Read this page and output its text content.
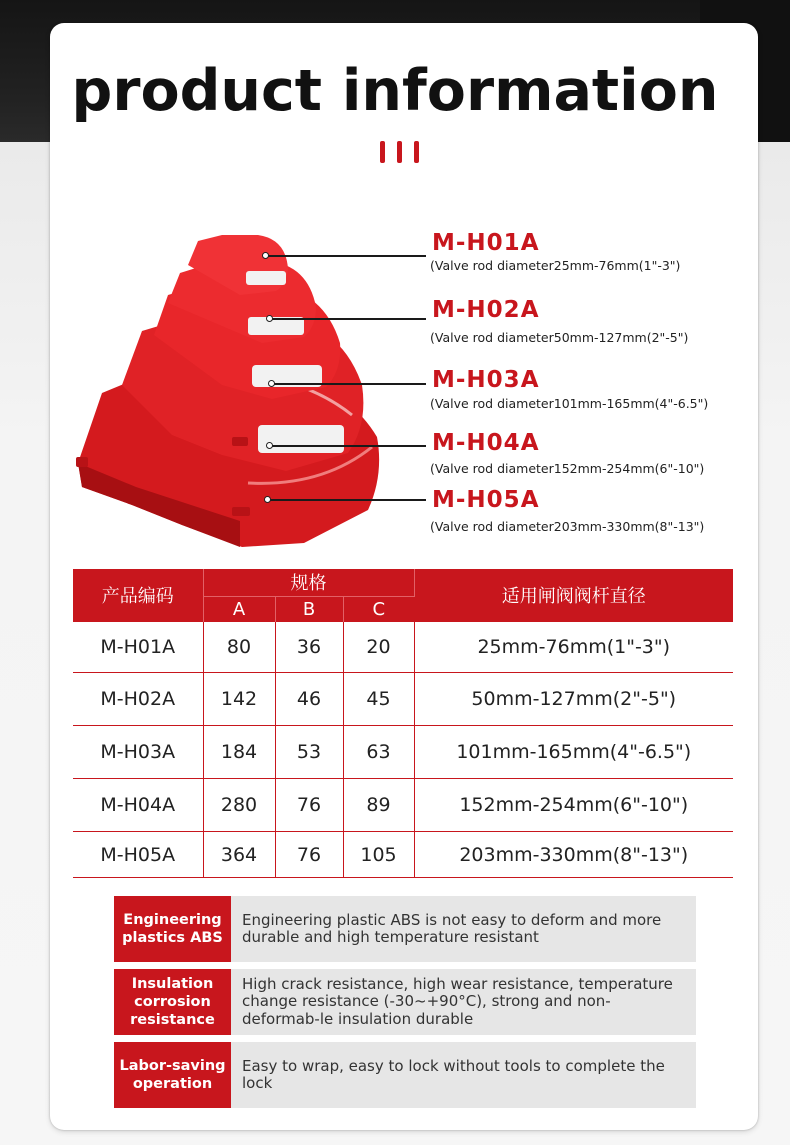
product information
M-H01A
(Valve rod diameter25mm-76mm(1"-3")
M-H02A
(Valve rod diameter50mm-127mm(2"-5")
M-H03A
(Valve rod diameter101mm-165mm(4"-6.5")
M-H04A
(Valve rod diameter152mm-254mm(6"-10")
M-H05A
(Valve rod diameter203mm-330mm(8"-13")
产品编码	规格			适用闸阀阀杆直径
	A	B	C	
M-H01A	80	36	20	25mm-76mm(1"-3")
M-H02A	142	46	45	50mm-127mm(2"-5")
M-H03A	184	53	63	101mm-165mm(4"-6.5")
M-H04A	280	76	89	152mm-254mm(6"-10")
M-H05A	364	76	105	203mm-330mm(8"-13")
Engineering plastics ABS
Engineering plastic ABS is not easy to deform and more durable and high temperature resistant
Insulation corrosion resistance
High crack resistance, high wear resistance, temperature change resistance (-30~+90°C), strong and non-deformab-le insulation durable
Labor-saving operation
Easy to wrap, easy to lock without tools to complete the lock
